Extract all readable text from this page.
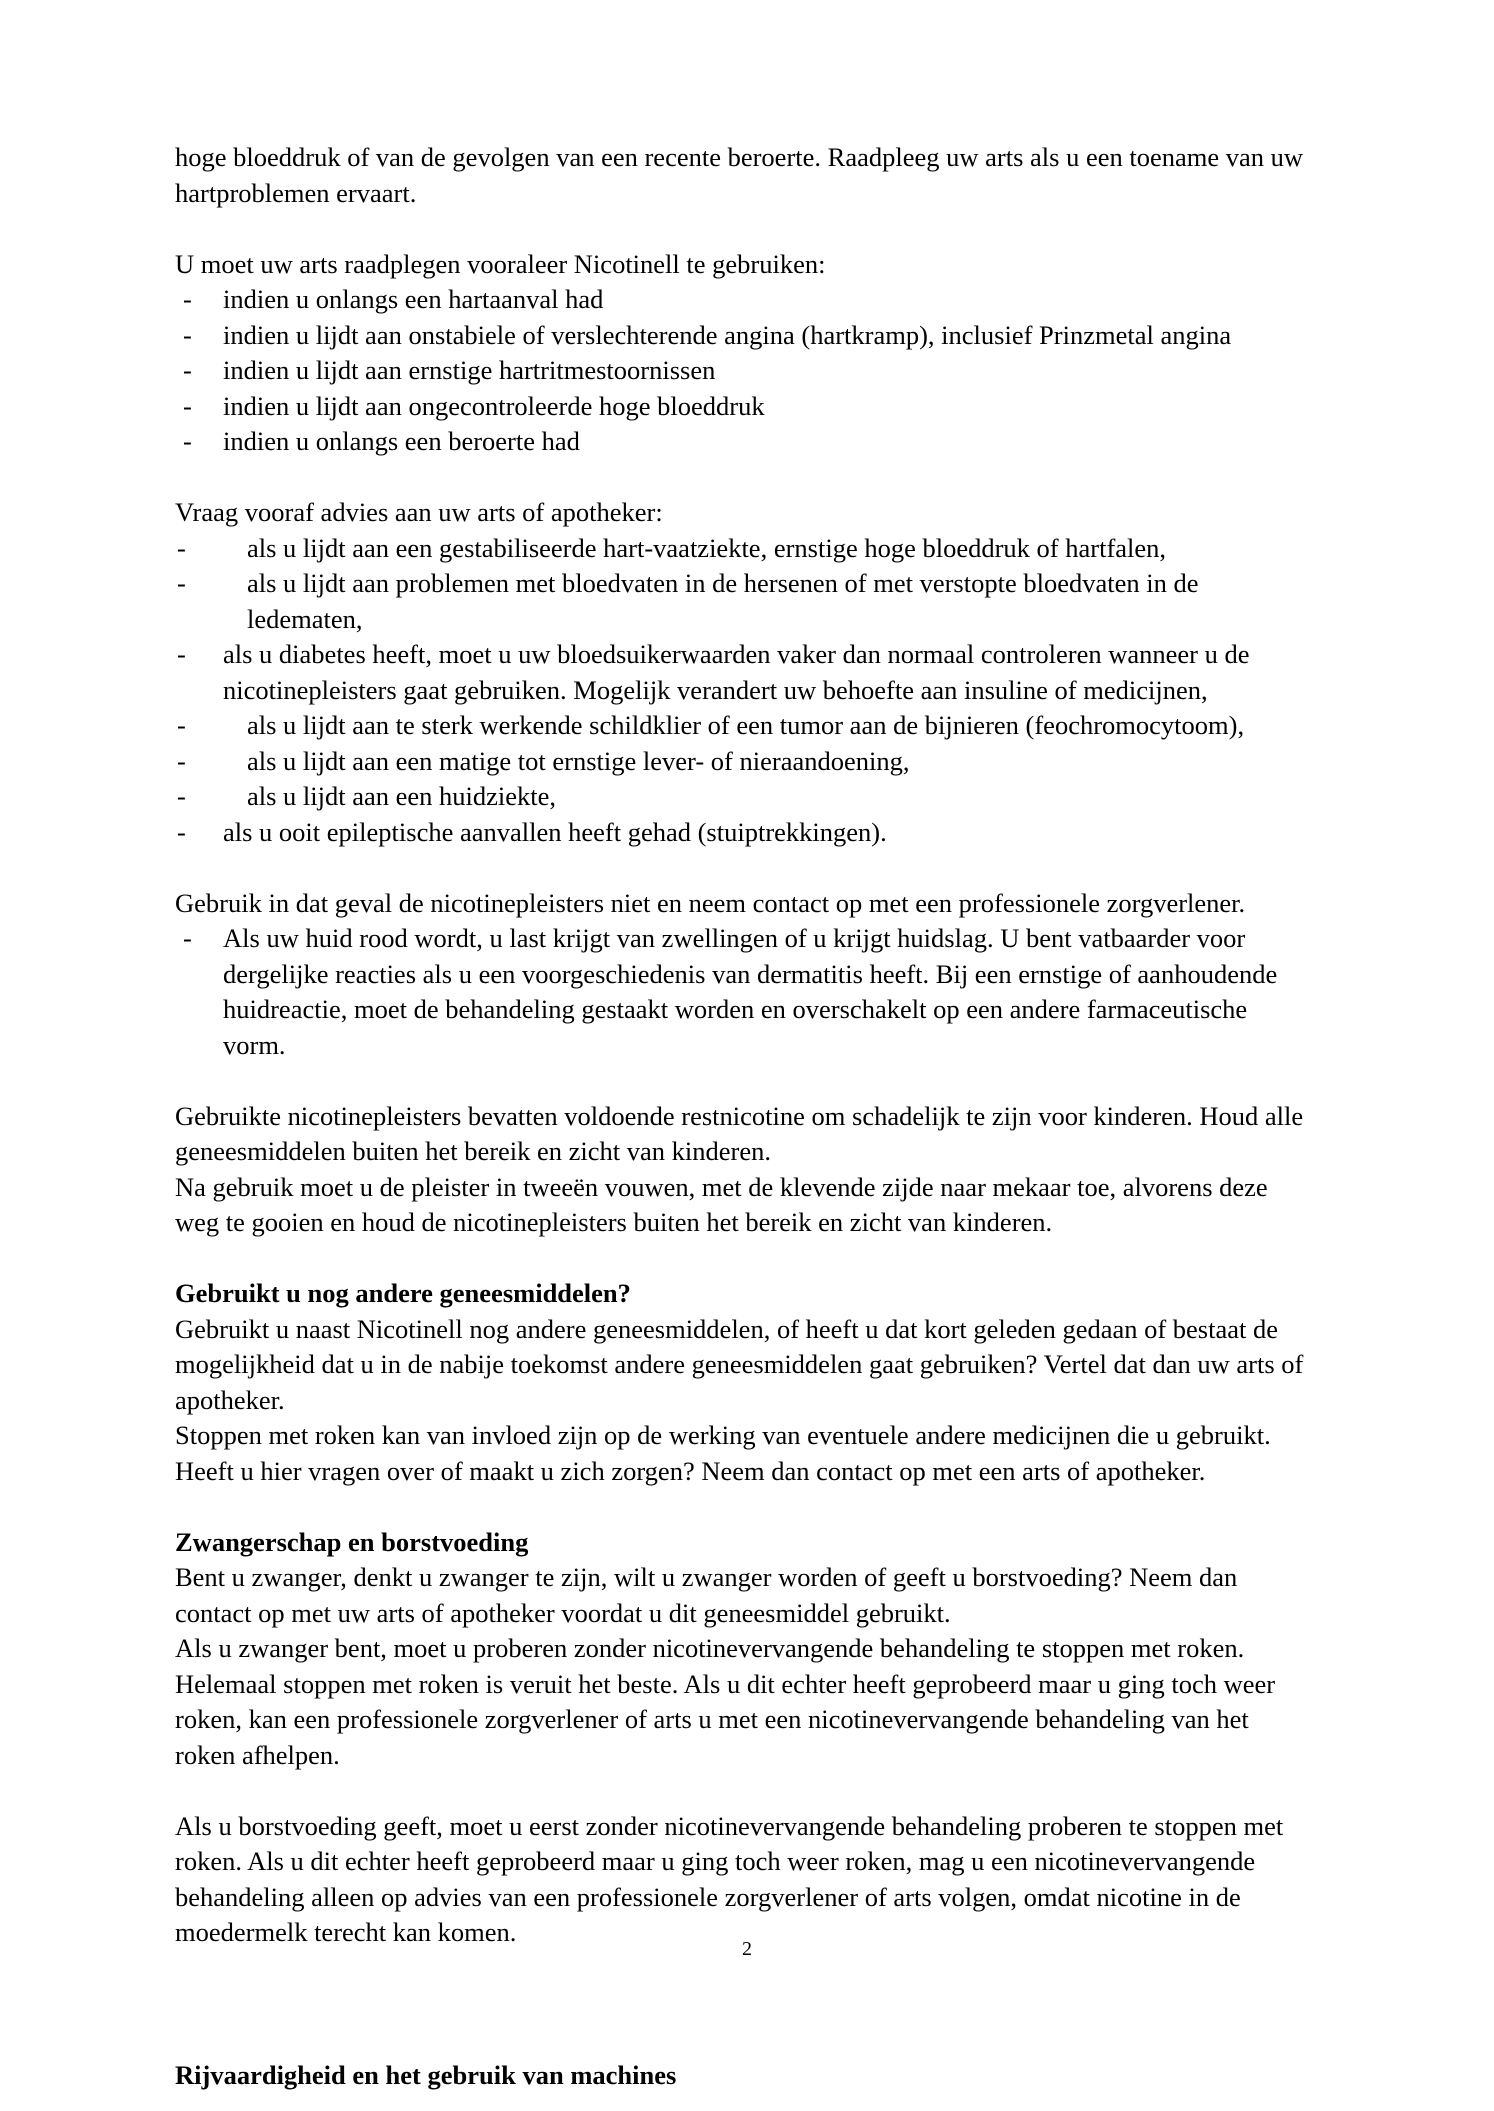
hoge bloeddruk of van de gevolgen van een recente beroerte. Raadpleeg uw arts als u een toename van uw hartproblemen ervaart.

U moet uw arts raadplegen vooraleer Nicotinell te gebruiken:

- indien u onlangs een hartaanval had
- indien u lijdt aan onstabiele of verslechterende angina (hartkramp), inclusief Prinzmetal angina
- indien u lijdt aan ernstige hartritmestoornissen
- indien u lijdt aan ongecontroleerde hoge bloeddruk
- indien u onlangs een beroerte had

Vraag vooraf advies aan uw arts of apotheker:

- als u lijdt aan een gestabiliseerde hart-vaatziekte, ernstige hoge bloeddruk of hartfalen,
- als u lijdt aan problemen met bloedvaten in de hersenen of met verstopte bloedvaten in de ledematen,
- als u diabetes heeft, moet u uw bloedsuikerwaarden vaker dan normaal controleren wanneer u de nicotinepleisters gaat gebruiken. Mogelijk verandert uw behoefte aan insuline of medicijnen,
- als u lijdt aan te sterk werkende schildklier of een tumor aan de bijnieren (feochromocytoom),
- als u lijdt aan een matige tot ernstige lever- of nieraandoening,
- als u lijdt aan een huidziekte,
- als u ooit epileptische aanvallen heeft gehad (stuiptrekkingen).

Gebruik in dat geval de nicotinepleisters niet en neem contact op met een professionele zorgverlener.

- Als uw huid rood wordt, u last krijgt van zwellingen of u krijgt huidslag. U bent vatbaarder voor dergelijke reacties als u een voorgeschiedenis van dermatitis heeft. Bij een ernstige of aanhoudende huidreactie, moet de behandeling gestaakt worden en overschakelt op een andere farmaceutische vorm.

Gebruikte nicotinepleisters bevatten voldoende restnicotine om schadelijk te zijn voor kinderen. Houd alle geneesmiddelen buiten het bereik en zicht van kinderen.

Na gebruik moet u de pleister in tweeën vouwen, met de klevende zijde naar mekaar toe, alvorens deze weg te gooien en houd de nicotinepleisters buiten het bereik en zicht van kinderen.

Gebruikt u nog andere geneesmiddelen?

Gebruikt u naast Nicotinell nog andere geneesmiddelen, of heeft u dat kort geleden gedaan of bestaat de mogelijkheid dat u in de nabije toekomst andere geneesmiddelen gaat gebruiken? Vertel dat dan uw arts of apotheker.

Stoppen met roken kan van invloed zijn op de werking van eventuele andere medicijnen die u gebruikt. Heeft u hier vragen over of maakt u zich zorgen? Neem dan contact op met een arts of apotheker.

Zwangerschap en borstvoeding

Bent u zwanger, denkt u zwanger te zijn, wilt u zwanger worden of geeft u borstvoeding? Neem dan contact op met uw arts of apotheker voordat u dit geneesmiddel gebruikt.

Als u zwanger bent, moet u proberen zonder nicotinevervangende behandeling te stoppen met roken. Helemaal stoppen met roken is veruit het beste. Als u dit echter heeft geprobeerd maar u ging toch weer roken, kan een professionele zorgverlener of arts u met een nicotinevervangende behandeling van het roken afhelpen.

Als u borstvoeding geeft, moet u eerst zonder nicotinevervangende behandeling proberen te stoppen met roken. Als u dit echter heeft geprobeerd maar u ging toch weer roken, mag u een nicotinevervangende behandeling alleen op advies van een professionele zorgverlener of arts volgen, omdat nicotine in de moedermelk terecht kan komen.

Rijvaardigheid en het gebruik van machines
2
